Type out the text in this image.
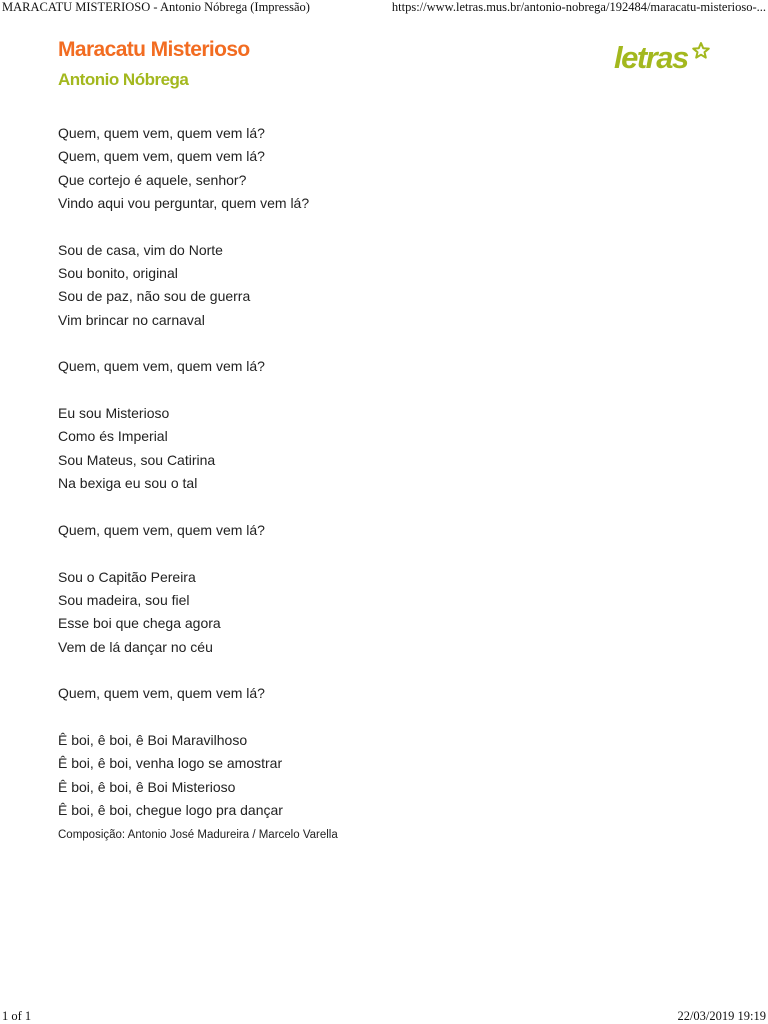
MARACATU MISTERIOSO - Antonio Nóbrega (Impressão)	https://www.letras.mus.br/antonio-nobrega/192484/maracatu-misterioso-...
Maracatu Misterioso
Antonio Nóbrega
letras
Quem, quem vem, quem vem lá?
Quem, quem vem, quem vem lá?
Que cortejo é aquele, senhor?
Vindo aqui vou perguntar, quem vem lá?
Sou de casa, vim do Norte
Sou bonito, original
Sou de paz, não sou de guerra
Vim brincar no carnaval
Quem, quem vem, quem vem lá?
Eu sou Misterioso
Como és Imperial
Sou Mateus, sou Catirina
Na bexiga eu sou o tal
Quem, quem vem, quem vem lá?
Sou o Capitão Pereira
Sou madeira, sou fiel
Esse boi que chega agora
Vem de lá dançar no céu
Quem, quem vem, quem vem lá?
Ê boi, ê boi, ê Boi Maravilhoso
Ê boi, ê boi, venha logo se amostrar
Ê boi, ê boi, ê Boi Misterioso
Ê boi, ê boi, chegue logo pra dançar
Composição: Antonio José Madureira / Marcelo Varella
1 of 1	22/03/2019 19:19
